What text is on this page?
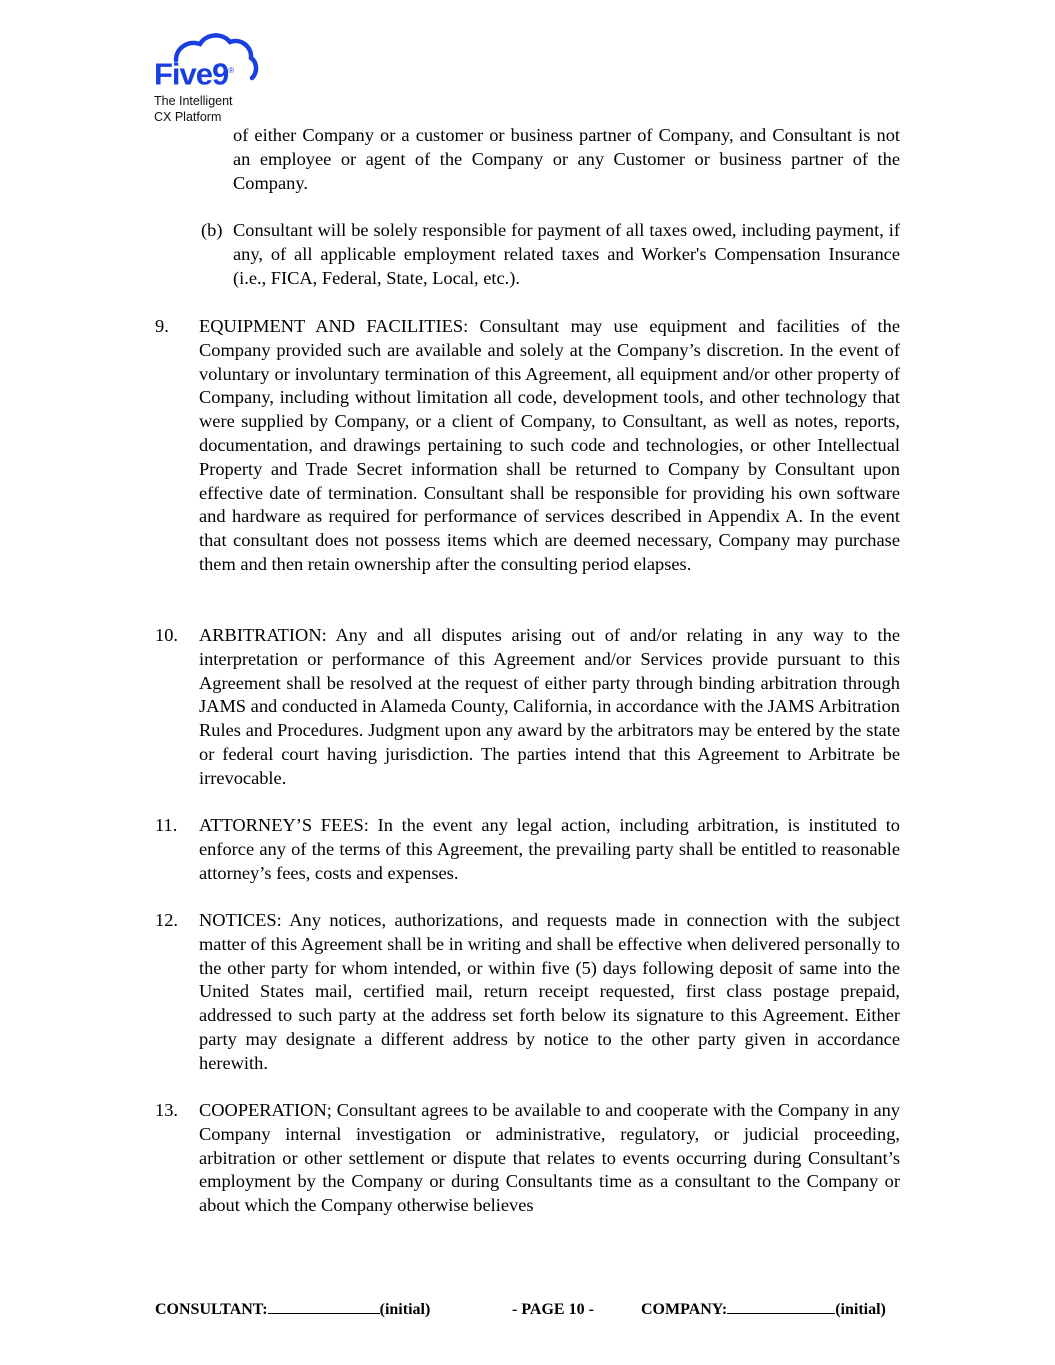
Five9®
The Intelligent
CX Platform

of either Company or a customer or business partner of Company, and Consultant is not an employee or agent of the Company or any Customer or business partner of the Company.

(b) Consultant will be solely responsible for payment of all taxes owed, including payment, if any, of all applicable employment related taxes and Worker's Compensation Insurance (i.e., FICA, Federal, State, Local, etc.).

9. EQUIPMENT AND FACILITIES: Consultant may use equipment and facilities of the Company provided such are available and solely at the Company’s discretion. In the event of voluntary or involuntary termination of this Agreement, all equipment and/or other property of Company, including without limitation all code, development tools, and other technology that were supplied by Company, or a client of Company, to Consultant, as well as notes, reports, documentation, and drawings pertaining to such code and technologies, or other Intellectual Property and Trade Secret information shall be returned to Company by Consultant upon effective date of termination. Consultant shall be responsible for providing his own software and hardware as required for performance of services described in Appendix A. In the event that consultant does not possess items which are deemed necessary, Company may purchase them and then retain ownership after the consulting period elapses.

10. ARBITRATION: Any and all disputes arising out of and/or relating in any way to the interpretation or performance of this Agreement and/or Services provide pursuant to this Agreement shall be resolved at the request of either party through binding arbitration through JAMS and conducted in Alameda County, California, in accordance with the JAMS Arbitration Rules and Procedures. Judgment upon any award by the arbitrators may be entered by the state or federal court having jurisdiction. The parties intend that this Agreement to Arbitrate be irrevocable.

11. ATTORNEY’S FEES: In the event any legal action, including arbitration, is instituted to enforce any of the terms of this Agreement, the prevailing party shall be entitled to reasonable attorney’s fees, costs and expenses.

12. NOTICES: Any notices, authorizations, and requests made in connection with the subject matter of this Agreement shall be in writing and shall be effective when delivered personally to the other party for whom intended, or within five (5) days following deposit of same into the United States mail, certified mail, return receipt requested, first class postage prepaid, addressed to such party at the address set forth below its signature to this Agreement. Either party may designate a different address by notice to the other party given in accordance herewith.

13. COOPERATION; Consultant agrees to be available to and cooperate with the Company in any Company internal investigation or administrative, regulatory, or judicial proceeding, arbitration or other settlement or dispute that relates to events occurring during Consultant’s employment by the Company or during Consultants time as a consultant to the Company or about which the Company otherwise believes

CONSULTANT:	(initial)	- PAGE 10 -	COMPANY:	(initial)
